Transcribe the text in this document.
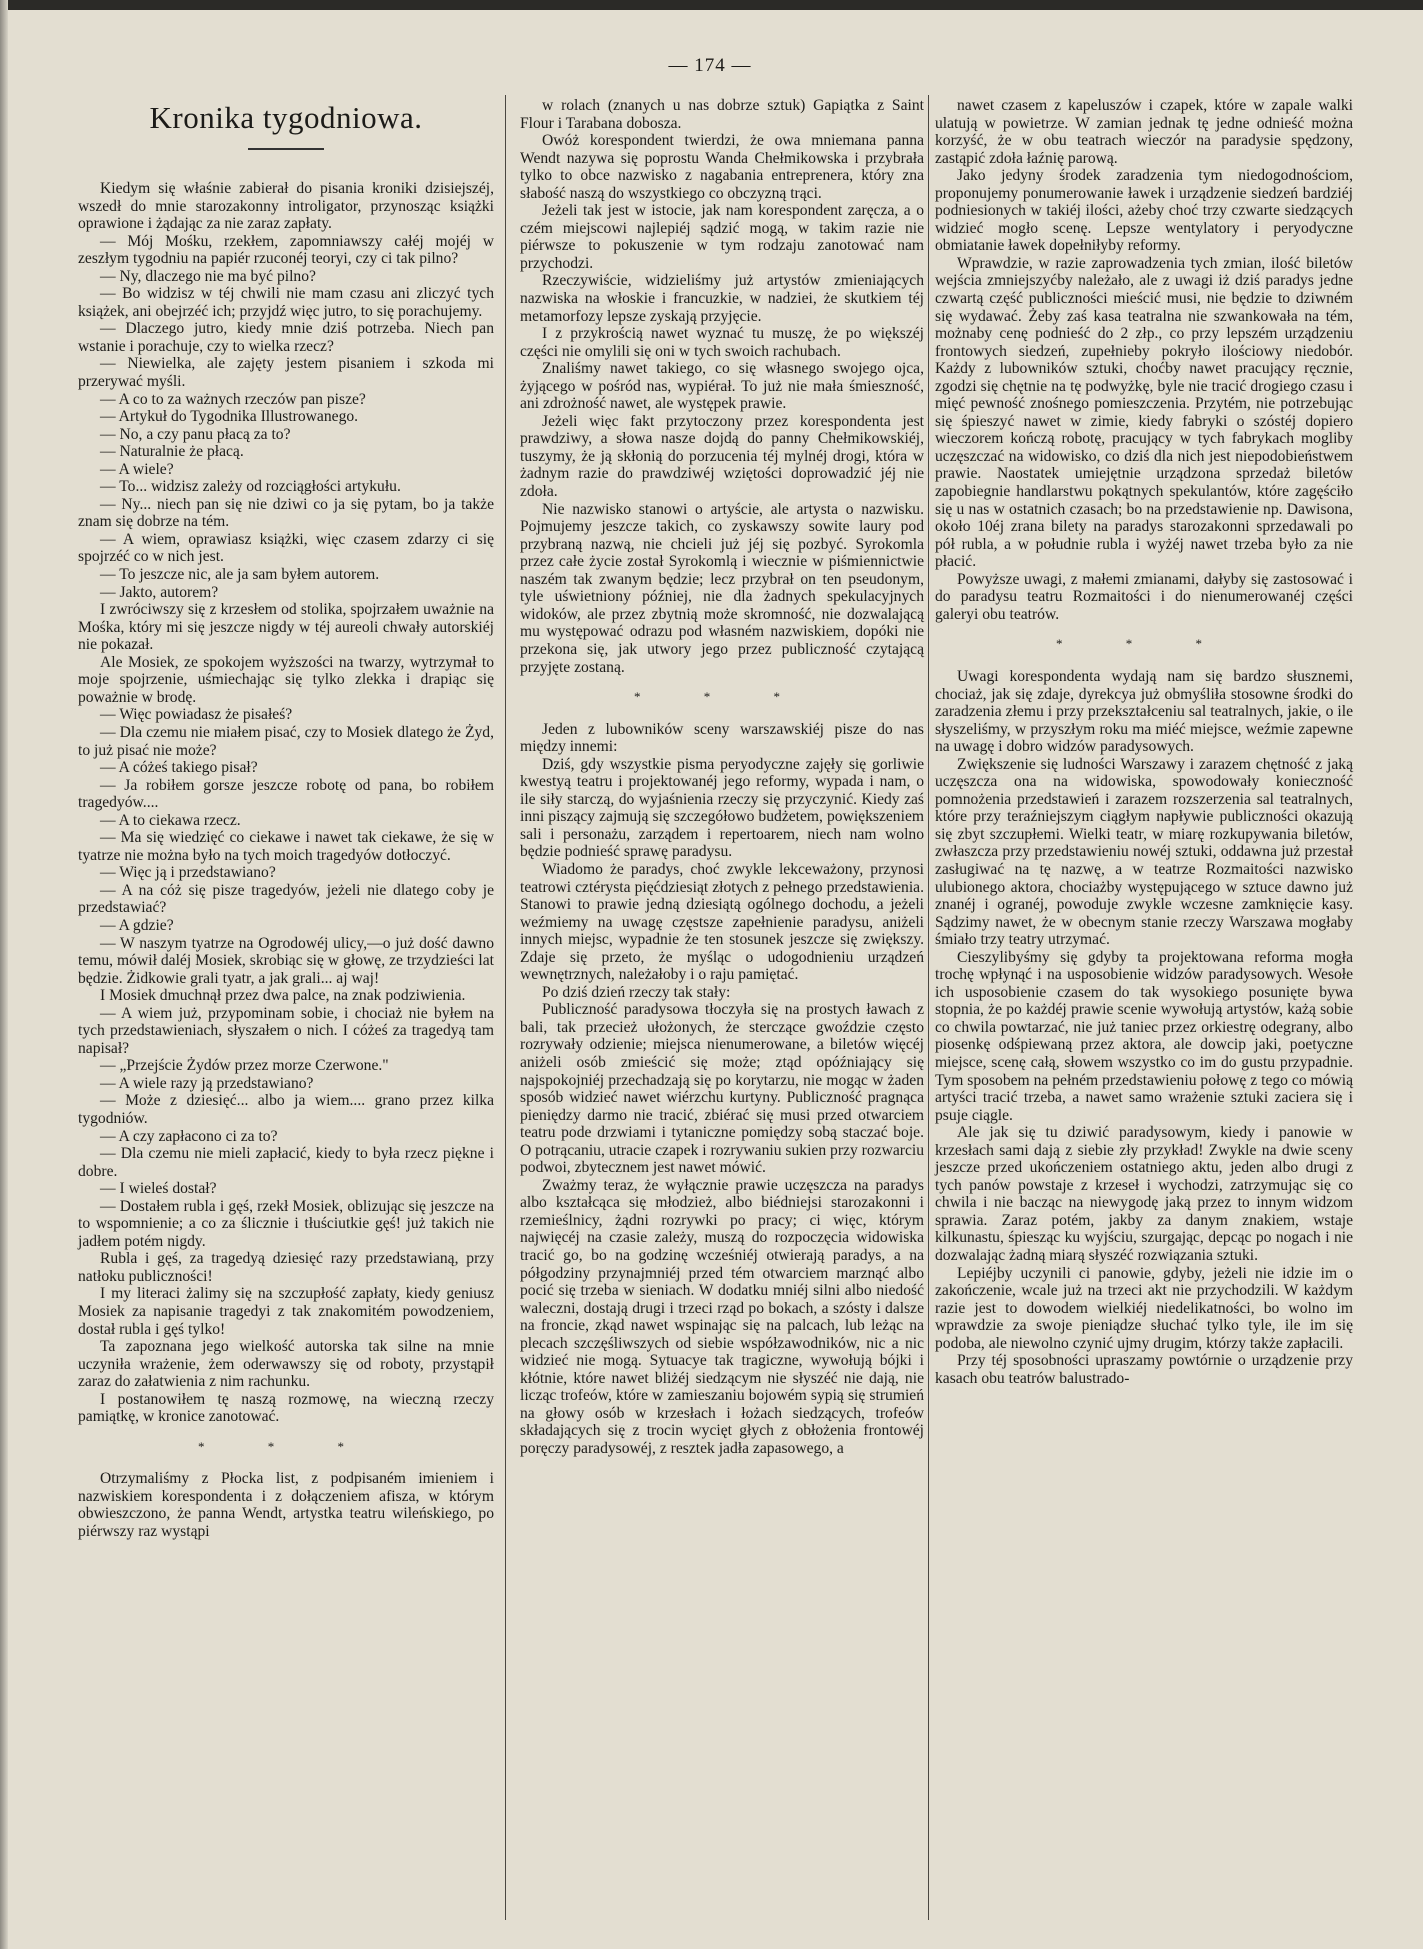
— 174 —
Kronika tygodniowa.

Kiedym się właśnie zabierał do pisania kroniki dzisiejszéj, wszedł do mnie starozakonny introligator, przynosząc książki oprawione i żądając za nie zaraz zapłaty.

— Mój Mośku, rzekłem, zapomniawszy całéj mojéj w zeszłym tygodniu na papiér rzuconéj teoryi, czy ci tak pilno?

— Ny, dlaczego nie ma być pilno?

— Bo widzisz w téj chwili nie mam czasu ani zliczyć tych książek, ani obejrzéć ich; przyjdź więc jutro, to się porachujemy.

— Dlaczego jutro, kiedy mnie dziś potrzeba. Niech pan wstanie i porachuje, czy to wielka rzecz?

— Niewielka, ale zajęty jestem pisaniem i szkoda mi przerywać myśli.

— A co to za ważnych rzeczów pan pisze?

— Artykuł do Tygodnika Illustrowanego.

— No, a czy panu płacą za to?

— Naturalnie że płacą.

— A wiele?

— To... widzisz zależy od rozciągłości artykułu.

— Ny... niech pan się nie dziwi co ja się pytam, bo ja także znam się dobrze na tém.

— A wiem, oprawiasz książki, więc czasem zdarzy ci się spojrzéć co w nich jest.

— To jeszcze nic, ale ja sam byłem autorem.

— Jakto, autorem?

I zwróciwszy się z krzesłem od stolika, spojrzałem uważnie na Mośka, który mi się jeszcze nigdy w téj aureoli chwały autorskiéj nie pokazał.

Ale Mosiek, ze spokojem wyższości na twarzy, wytrzymał to moje spojrzenie, uśmiechając się tylko zlekka i drapiąc się poważnie w brodę.

— Więc powiadasz że pisałeś?

— Dla czemu nie miałem pisać, czy to Mosiek dlatego że Żyd, to już pisać nie może?

— A cóżeś takiego pisał?

— Ja robiłem gorsze jeszcze robotę od pana, bo robiłem tragedyów....

— A to ciekawa rzecz.

— Ma się wiedzięć co ciekawe i nawet tak ciekawe, że się w tyatrze nie można było na tych moich tragedyów dotłoczyć.

— Więc ją i przedstawiano?

— A na cóż się pisze tragedyów, jeżeli nie dlatego coby je przedstawiać?

— A gdzie?

— W naszym tyatrze na Ogrodowéj ulicy,—o już dość dawno temu, mówił daléj Mosiek, skrobiąc się w głowę, ze trzydzieści lat będzie. Żidkowie grali tyatr, a jak grali... aj waj!

I Mosiek dmuchnął przez dwa palce, na znak podziwienia.

— A wiem już, przypominam sobie, i chociaż nie byłem na tych przedstawieniach, słyszałem o nich. I cóżeś za tragedyą tam napisał?

— „Przejście Żydów przez morze Czerwone."

— A wiele razy ją przedstawiano?

— Może z dziesięć... albo ja wiem.... grano przez kilka tygodniów.

— A czy zapłacono ci za to?

— Dla czemu nie mieli zapłacić, kiedy to była rzecz piękne i dobre.

— I wieleś dostał?

— Dostałem rubla i gęś, rzekł Mosiek, oblizując się jeszcze na to wspomnienie; a co za ślicznie i tłuściutkie gęś! już takich nie jadłem potém nigdy.

Rubla i gęś, za tragedyą dziesięć razy przedstawianą, przy natłoku publiczności!

I my literaci żalimy się na szczupłość zapłaty, kiedy geniusz Mosiek za napisanie tragedyi z tak znakomitém powodzeniem, dostał rubla i gęś tylko!

Ta zapoznana jego wielkość autorska tak silne na mnie uczyniła wrażenie, żem oderwawszy się od roboty, przystąpił zaraz do załatwienia z nim rachunku.

I postanowiłem tę naszą rozmowę, na wieczną rzeczy pamiątkę, w kronice zanotować.

* * *

Otrzymaliśmy z Płocka list, z podpisaném imieniem i nazwiskiem korespondenta i z dołączeniem afisza, w którym obwieszczono, że panna Wendt, artystka teatru wileńskiego, po piérwszy raz wystąpi

w rolach (znanych u nas dobrze sztuk) Gapiątka z Saint Flour i Tarabana dobosza.

Owóż korespondent twierdzi, że owa mniemana panna Wendt nazywa się poprostu Wanda Chełmikowska i przybrała tylko to obce nazwisko z nagabania entreprenera, który zna słabość naszą do wszystkiego co obczyzną trąci.

Jeżeli tak jest w istocie, jak nam korespondent zaręcza, a o czém miejscowi najlepiéj sądzić mogą, w takim razie nie piérwsze to pokuszenie w tym rodzaju zanotować nam przychodzi.

Rzeczywiście, widzieliśmy już artystów zmieniających nazwiska na włoskie i francuzkie, w nadziei, że skutkiem téj metamorfozy lepsze zyskają przyjęcie.

I z przykrością nawet wyznać tu muszę, że po większéj części nie omylili się oni w tych swoich rachubach.

Znaliśmy nawet takiego, co się własnego swojego ojca, żyjącego w pośród nas, wypiérał. To już nie mała śmieszność, ani zdrożność nawet, ale występek prawie.

Jeżeli więc fakt przytoczony przez korespondenta jest prawdziwy, a słowa nasze dojdą do panny Chełmikowskiéj, tuszymy, że ją skłonią do porzucenia téj mylnéj drogi, która w żadnym razie do prawdziwéj wziętości doprowadzić jéj nie zdoła.

Nie nazwisko stanowi o artyście, ale artysta o nazwisku. Pojmujemy jeszcze takich, co zyskawszy sowite laury pod przybraną nazwą, nie chcieli już jéj się pozbyć. Syrokomla przez całe życie został Syrokomlą i wiecznie w piśmiennictwie naszém tak zwanym będzie; lecz przybrał on ten pseudonym, tyle uświetniony później, nie dla żadnych spekulacyjnych widoków, ale przez zbytnią może skromność, nie dozwalającą mu występować odrazu pod własném nazwiskiem, dopóki nie przekona się, jak utwory jego przez publiczność czytającą przyjęte zostaną.

* * *

Jeden z lubowników sceny warszawskiéj pisze do nas między innemi:

Dziś, gdy wszystkie pisma peryodyczne zajęły się gorliwie kwestyą teatru i projektowanéj jego reformy, wypada i nam, o ile siły starczą, do wyjaśnienia rzeczy się przyczynić. Kiedy zaś inni piszący zajmują się szczegółowo budżetem, powiększeniem sali i personażu, zarządem i repertoarem, niech nam wolno będzie podnieść sprawę paradysu.

Wiadomo że paradys, choć zwykle lekceważony, przynosi teatrowi cztérysta pięćdziesiąt złotych z pełnego przedstawienia. Stanowi to prawie jedną dziesiątą ogólnego dochodu, a jeżeli weźmiemy na uwagę częstsze zapełnienie paradysu, aniżeli innych miejsc, wypadnie że ten stosunek jeszcze się zwiększy. Zdaje się przeto, że myśląc o udogodnieniu urządzeń wewnętrznych, należałoby i o raju pamiętać.

Po dziś dzień rzeczy tak stały:

Publiczność paradysowa tłoczyła się na prostych ławach z bali, tak przecież ułożonych, że sterczące gwoździe często rozrywały odzienie; miejsca nienumerowane, a biletów więcéj aniżeli osób zmieścić się może; ztąd opóźniający się najspokojniéj przechadzają się po korytarzu, nie mogąc w żaden sposób widzieć nawet wiérzchu kurtyny. Publiczność pragnąca pieniędzy darmo nie tracić, zbiérać się musi przed otwarciem teatru pode drzwiami i tytaniczne pomiędzy sobą staczać boje. O potrącaniu, utracie czapek i rozrywaniu sukien przy rozwarciu podwoi, zbytecznem jest nawet mówić.

Zważmy teraz, że wyłącznie prawie uczęszcza na paradys albo kształcąca się młodzież, albo biédniejsi starozakonni i rzemieślnicy, żądni rozrywki po pracy; ci więc, którym najwięcéj na czasie zależy, muszą do rozpoczęcia widowiska tracić go, bo na godzinę wcześniéj otwierają paradys, a na półgodziny przynajmniéj przed tém otwarciem marznąć albo pocić się trzeba w sieniach. W dodatku mniéj silni albo niedość waleczni, dostają drugi i trzeci rząd po bokach, a szósty i dalsze na froncie, zkąd nawet wspinając się na palcach, lub leżąc na plecach szczęśliwszych od siebie współzawodników, nic a nic widzieć nie mogą. Sytuacye tak tragiczne, wywołują bójki i kłótnie, które nawet bliżéj siedzącym nie słyszéć nie dają, nie licząc trofeów, które w zamieszaniu bojowém sypią się strumień na głowy osób w krzesłach i łożach siedzących, trofeów składających się z trocin wycięt głych z obłożenia frontowéj poręczy paradysowéj, z resztek jadła zapasowego, a

nawet czasem z kapeluszów i czapek, które w zapale walki ulatują w powietrze. W zamian jednak tę jedne odnieść można korzyść, że w obu teatrach wieczór na paradysie spędzony, zastąpić zdoła łaźnię parową.

Jako jedyny środek zaradzenia tym niedogodnościom, proponujemy ponumerowanie ławek i urządzenie siedzeń bardziéj podniesionych w takiéj ilości, ażeby choć trzy czwarte siedzących widzieć mogło scenę. Lepsze wentylatory i peryodyczne obmiatanie ławek dopełniłyby reformy.

Wprawdzie, w razie zaprowadzenia tych zmian, ilość biletów wejścia zmniejszyćby należało, ale z uwagi iż dziś paradys jedne czwartą część publiczności mieścić musi, nie będzie to dziwném się wydawać. Żeby zaś kasa teatralna nie szwankowała na tém, możnaby cenę podnieść do 2 złp., co przy lepszém urządzeniu frontowych siedzeń, zupełnieby pokryło ilościowy niedobór. Każdy z lubowników sztuki, choćby nawet pracujący ręcznie, zgodzi się chętnie na tę podwyżkę, byle nie tracić drogiego czasu i mięć pewność znośnego pomieszczenia. Przytém, nie potrzebując się śpieszyć nawet w zimie, kiedy fabryki o szóstéj dopiero wieczorem kończą robotę, pracujący w tych fabrykach mogliby uczęszczać na widowisko, co dziś dla nich jest niepodobieństwem prawie. Naostatek umiejętnie urządzona sprzedaż biletów zapobiegnie handlarstwu pokątnych spekulantów, które zagęściło się u nas w ostatnich czasach; bo na przedstawienie np. Dawisona, około 10éj zrana bilety na paradys starozakonni sprzedawali po pół rubla, a w południe rubla i wyżéj nawet trzeba było za nie płacić.

Powyższe uwagi, z małemi zmianami, dałyby się zastosować i do paradysu teatru Rozmaitości i do nienumerowanéj części galeryi obu teatrów.

* * *

Uwagi korespondenta wydają nam się bardzo słusznemi, chociaż, jak się zdaje, dyrekcya już obmyśliła stosowne środki do zaradzenia złemu i przy przekształceniu sal teatralnych, jakie, o ile słyszeliśmy, w przyszłym roku ma miéć miejsce, weźmie zapewne na uwagę i dobro widzów paradysowych.

Zwiększenie się ludności Warszawy i zarazem chętność z jaką uczęszcza ona na widowiska, spowodowały konieczność pomnożenia przedstawień i zarazem rozszerzenia sal teatralnych, które przy teraźniejszym ciągłym napływie publiczności okazują się zbyt szczupłemi. Wielki teatr, w miarę rozkupywania biletów, zwłaszcza przy przedstawieniu nowéj sztuki, oddawna już przestał zasługiwać na tę nazwę, a w teatrze Rozmaitości nazwisko ulubionego aktora, chociażby występującego w sztuce dawno już znanéj i ogranéj, powoduje zwykle wczesne zamknięcie kasy. Sądzimy nawet, że w obecnym stanie rzeczy Warszawa mogłaby śmiało trzy teatry utrzymać.

Cieszylibyśmy się gdyby ta projektowana reforma mogła trochę wpłynąć i na usposobienie widzów paradysowych. Wesołe ich usposobienie czasem do tak wysokiego posunięte bywa stopnia, że po każdéj prawie scenie wywołują artystów, każą sobie co chwila powtarzać, nie już taniec przez orkiestrę odegrany, albo piosenkę odśpiewaną przez aktora, ale dowcip jaki, poetyczne miejsce, scenę całą, słowem wszystko co im do gustu przypadnie. Tym sposobem na pełném przedstawieniu połowę z tego co mówią artyści tracić trzeba, a nawet samo wrażenie sztuki zaciera się i psuje ciągle.

Ale jak się tu dziwić paradysowym, kiedy i panowie w krzesłach sami dają z siebie zły przykład! Zwykle na dwie sceny jeszcze przed ukończeniem ostatniego aktu, jeden albo drugi z tych panów powstaje z krzeseł i wychodzi, zatrzymując się co chwila i nie bacząc na niewygodę jaką przez to innym widzom sprawia. Zaraz potém, jakby za danym znakiem, wstaje kilkunastu, śpiesząc ku wyjściu, szurgając, depcąc po nogach i nie dozwalając żadną miarą słyszéć rozwiązania sztuki.

Lepiéjby uczynili ci panowie, gdyby, jeżeli nie idzie im o zakończenie, wcale już na trzeci akt nie przychodzili. W każdym razie jest to dowodem wielkiéj niedelikatności, bo wolno im wprawdzie za swoje pieniądze słuchać tylko tyle, ile im się podoba, ale niewolno czynić ujmy drugim, którzy także zapłacili.

Przy téj sposobności upraszamy powtórnie o urządzenie przy kasach obu teatrów balustrado-
